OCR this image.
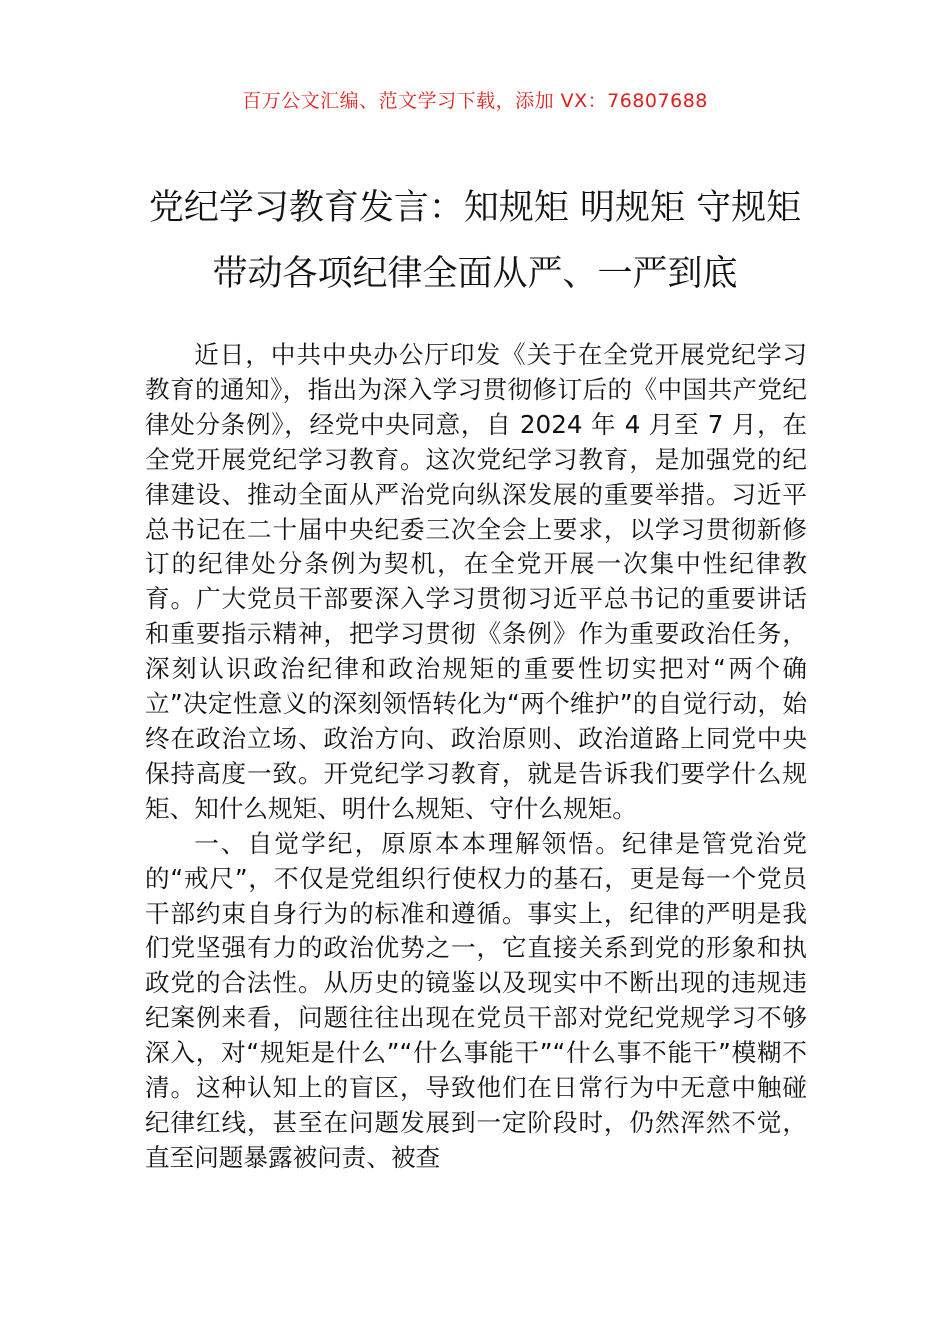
百万公文汇编、范文学习下载，添加 VX：76807688
党纪学习教育发言：知规矩 明规矩 守规矩
带动各项纪律全面从严、一严到底

近日，中共中央办公厅印发《关于在全党开展党纪学习教育的通知》，指出为深入学习贯彻修订后的《中国共产党纪律处分条例》，经党中央同意，自 2024 年 4 月至 7 月，在全党开展党纪学习教育。这次党纪学习教育，是加强党的纪律建设、推动全面从严治党向纵深发展的重要举措。习近平总书记在二十届中央纪委三次全会上要求，以学习贯彻新修订的纪律处分条例为契机，在全党开展一次集中性纪律教育。广大党员干部要深入学习贯彻习近平总书记的重要讲话和重要指示精神，把学习贯彻《条例》作为重要政治任务，深刻认识政治纪律和政治规矩的重要性切实把对“两个确立”决定性意义的深刻领悟转化为“两个维护”的自觉行动，始终在政治立场、政治方向、政治原则、政治道路上同党中央保持高度一致。开党纪学习教育，就是告诉我们要学什么规矩、知什么规矩、明什么规矩、守什么规矩。

一、自觉学纪，原原本本理解领悟。纪律是管党治党的“戒尺”，不仅是党组织行使权力的基石，更是每一个党员干部约束自身行为的标准和遵循。事实上，纪律的严明是我们党坚强有力的政治优势之一，它直接关系到党的形象和执政党的合法性。从历史的镜鉴以及现实中不断出现的违规违纪案例来看，问题往往出现在党员干部对党纪党规学习不够深入，对“规矩是什么”“什么事能干”“什么事不能干”模糊不清。这种认知上的盲区，导致他们在日常行为中无意中触碰纪律红线，甚至在问题发展到一定阶段时，仍然浑然不觉，直至问题暴露被问责、被查
